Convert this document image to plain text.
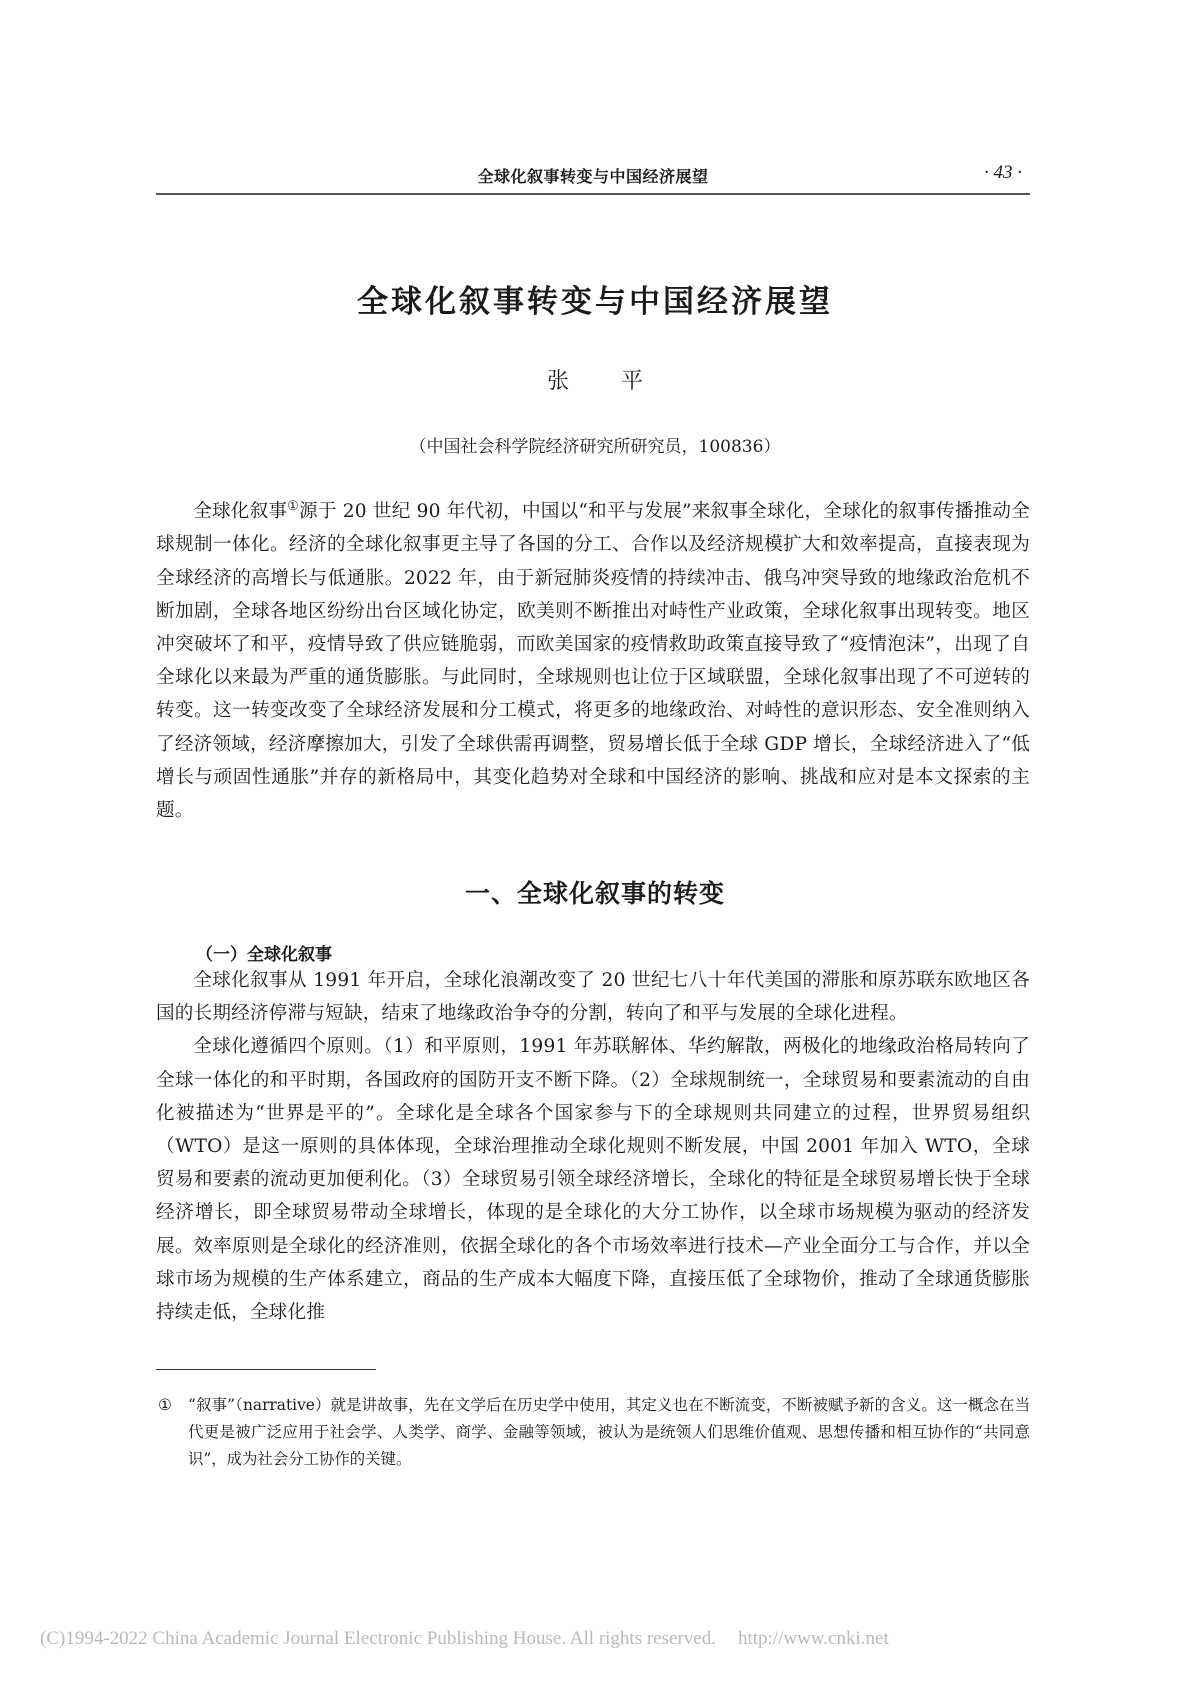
全球化叙事转变与中国经济展望	· 43 ·
全球化叙事转变与中国经济展望
张平
（中国社会科学院经济研究所研究员，100836）

全球化叙事①源于 20 世纪 90 年代初，中国以“和平与发展”来叙事全球化，全球化的叙事传播推动全球规制一体化。经济的全球化叙事更主导了各国的分工、合作以及经济规模扩大和效率提高，直接表现为全球经济的高增长与低通胀。2022 年，由于新冠肺炎疫情的持续冲击、俄乌冲突导致的地缘政治危机不断加剧，全球各地区纷纷出台区域化协定，欧美则不断推出对峙性产业政策，全球化叙事出现转变。地区冲突破坏了和平，疫情导致了供应链脆弱，而欧美国家的疫情救助政策直接导致了“疫情泡沫”，出现了自全球化以来最为严重的通货膨胀。与此同时，全球规则也让位于区域联盟，全球化叙事出现了不可逆转的转变。这一转变改变了全球经济发展和分工模式，将更多的地缘政治、对峙性的意识形态、安全准则纳入了经济领域，经济摩擦加大，引发了全球供需再调整，贸易增长低于全球 GDP 增长，全球经济进入了“低增长与顽固性通胀”并存的新格局中，其变化趋势对全球和中国经济的影响、挑战和应对是本文探索的主题。

一、全球化叙事的转变
（一）全球化叙事

全球化叙事从 1991 年开启，全球化浪潮改变了 20 世纪七八十年代美国的滞胀和原苏联东欧地区各国的长期经济停滞与短缺，结束了地缘政治争夺的分割，转向了和平与发展的全球化进程。

全球化遵循四个原则。（1）和平原则，1991 年苏联解体、华约解散，两极化的地缘政治格局转向了全球一体化的和平时期，各国政府的国防开支不断下降。（2）全球规制统一，全球贸易和要素流动的自由化被描述为“世界是平的”。全球化是全球各个国家参与下的全球规则共同建立的过程，世界贸易组织（WTO）是这一原则的具体体现，全球治理推动全球化规则不断发展，中国 2001 年加入 WTO，全球贸易和要素的流动更加便利化。（3）全球贸易引领全球经济增长，全球化的特征是全球贸易增长快于全球经济增长，即全球贸易带动全球增长，体现的是全球化的大分工协作，以全球市场规模为驱动的经济发展。效率原则是全球化的经济准则，依据全球化的各个市场效率进行技术—产业全面分工与合作，并以全球市场为规模的生产体系建立，商品的生产成本大幅度下降，直接压低了全球物价，推动了全球通货膨胀持续走低，全球化推

① “叙事”（narrative）就是讲故事，先在文学后在历史学中使用，其定义也在不断流变，不断被赋予新的含义。这一概念在当代更是被广泛应用于社会学、人类学、商学、金融等领域，被认为是统领人们思维价值观、思想传播和相互协作的“共同意识”，成为社会分工协作的关键。
(C)1994-2022 China Academic Journal Electronic Publishing House. All rights reserved. http://www.cnki.net
